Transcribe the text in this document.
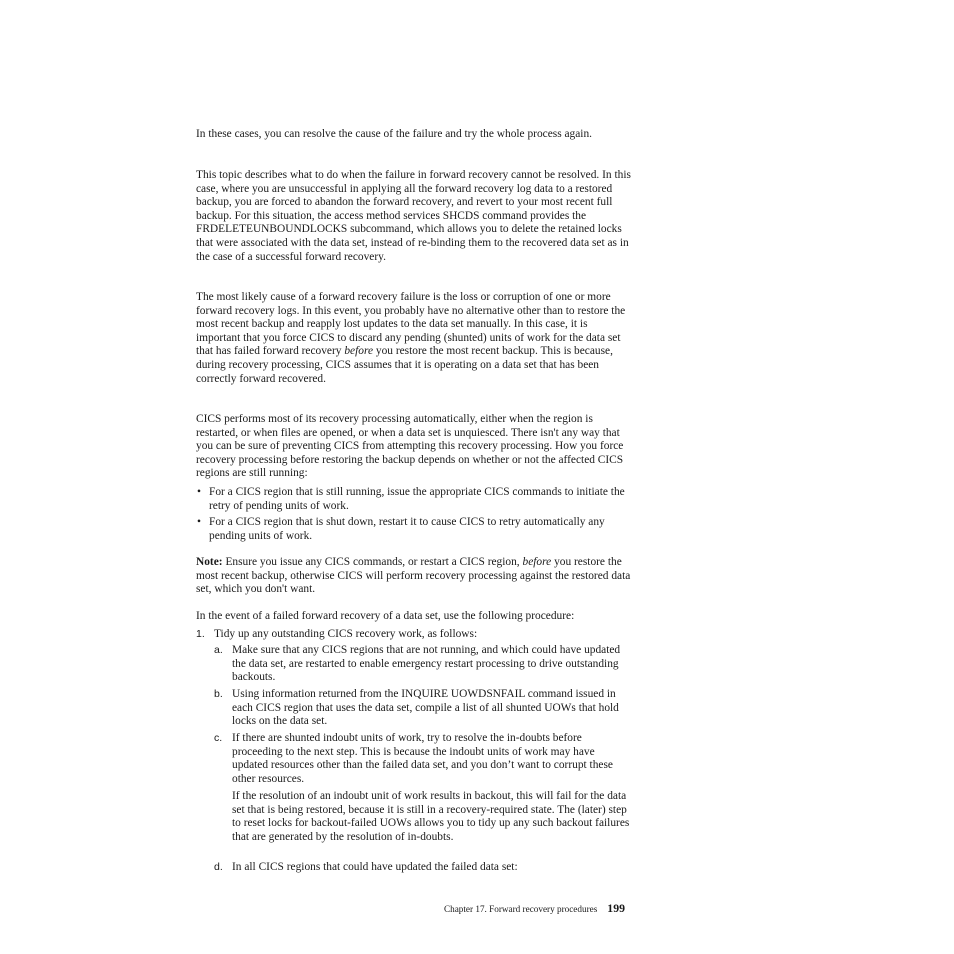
In these cases, you can resolve the cause of the failure and try the whole process again.

This topic describes what to do when the failure in forward recovery cannot be resolved. In this case, where you are unsuccessful in applying all the forward recovery log data to a restored backup, you are forced to abandon the forward recovery, and revert to your most recent full backup. For this situation, the access method services SHCDS command provides the FRDELETEUNBOUNDLOCKS subcommand, which allows you to delete the retained locks that were associated with the data set, instead of re-binding them to the recovered data set as in the case of a successful forward recovery.

The most likely cause of a forward recovery failure is the loss or corruption of one or more forward recovery logs. In this event, you probably have no alternative other than to restore the most recent backup and reapply lost updates to the data set manually. In this case, it is important that you force CICS to discard any pending (shunted) units of work for the data set that has failed forward recovery before you restore the most recent backup. This is because, during recovery processing, CICS assumes that it is operating on a data set that has been correctly forward recovered.

CICS performs most of its recovery processing automatically, either when the region is restarted, or when files are opened, or when a data set is unquiesced. There isn't any way that you can be sure of preventing CICS from attempting this recovery processing. How you force recovery processing before restoring the backup depends on whether or not the affected CICS regions are still running:

• For a CICS region that is still running, issue the appropriate CICS commands to initiate the retry of pending units of work.

• For a CICS region that is shut down, restart it to cause CICS to retry automatically any pending units of work.

Note: Ensure you issue any CICS commands, or restart a CICS region, before you restore the most recent backup, otherwise CICS will perform recovery processing against the restored data set, which you don't want.

In the event of a failed forward recovery of a data set, use the following procedure:

1. Tidy up any outstanding CICS recovery work, as follows:

a. Make sure that any CICS regions that are not running, and which could have updated the data set, are restarted to enable emergency restart processing to drive outstanding backouts.

b. Using information returned from the INQUIRE UOWDSNFAIL command issued in each CICS region that uses the data set, compile a list of all shunted UOWs that hold locks on the data set.

c. If there are shunted indoubt units of work, try to resolve the in-doubts before proceeding to the next step. This is because the indoubt units of work may have updated resources other than the failed data set, and you don’t want to corrupt these other resources.

If the resolution of an indoubt unit of work results in backout, this will fail for the data set that is being restored, because it is still in a recovery-required state. The (later) step to reset locks for backout-failed UOWs allows you to tidy up any such backout failures that are generated by the resolution of in-doubts.

d. In all CICS regions that could have updated the failed data set:

Chapter 17. Forward recovery procedures 199
